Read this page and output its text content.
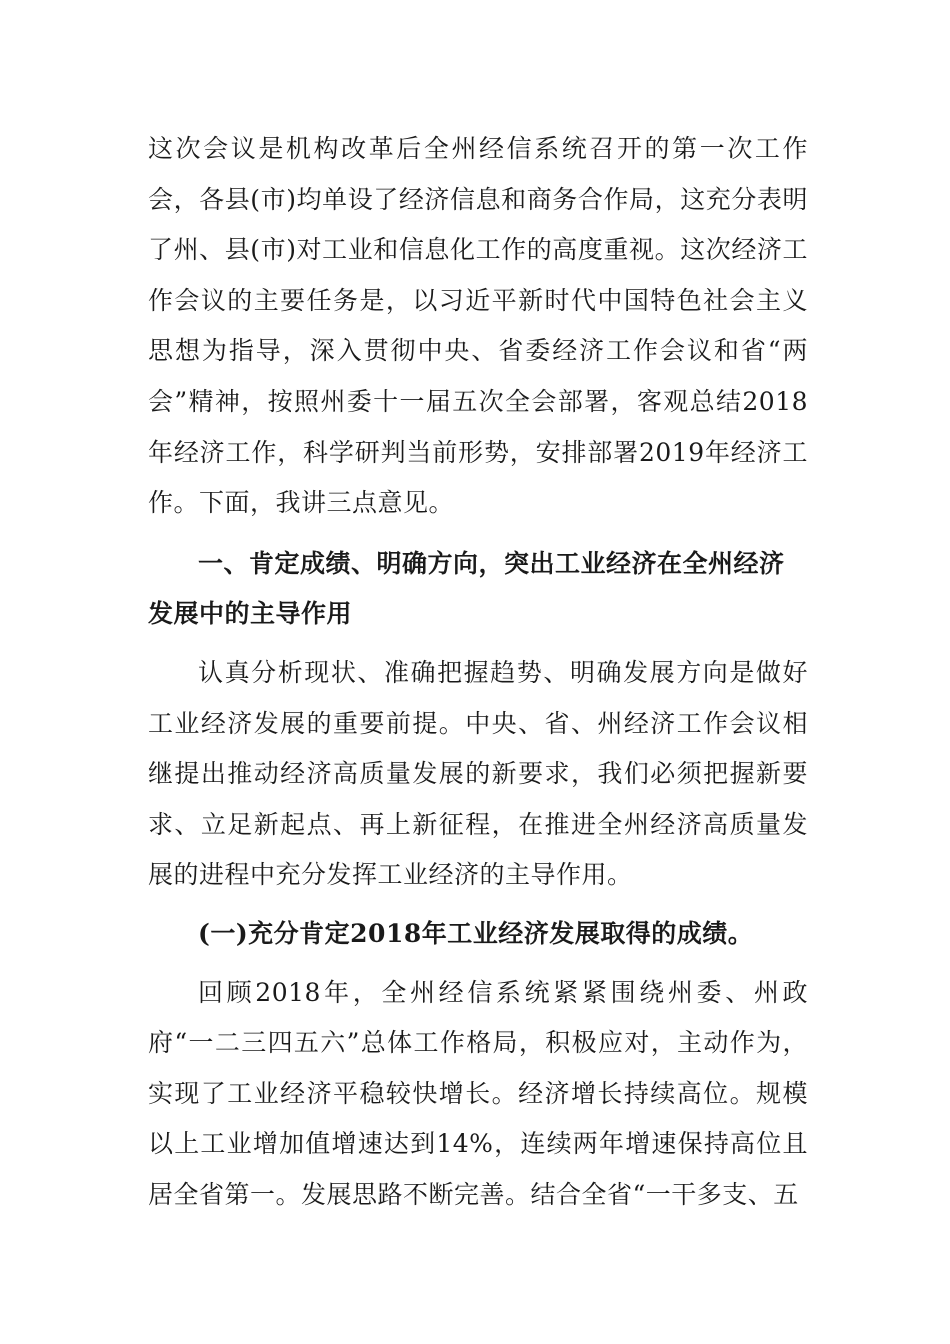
这次会议是机构改革后全州经信系统召开的第一次工作会，各县(市)均单设了经济信息和商务合作局，这充分表明了州、县(市)对工业和信息化工作的高度重视。这次经济工作会议的主要任务是，以习近平新时代中国特色社会主义思想为指导，深入贯彻中央、省委经济工作会议和省“两会”精神，按照州委十一届五次全会部署，客观总结2018年经济工作，科学研判当前形势，安排部署2019年经济工作。下面，我讲三点意见。

一、肯定成绩、明确方向，突出工业经济在全州经济发展中的主导作用

认真分析现状、准确把握趋势、明确发展方向是做好工业经济发展的重要前提。中央、省、州经济工作会议相继提出推动经济高质量发展的新要求，我们必须把握新要求、立足新起点、再上新征程，在推进全州经济高质量发展的进程中充分发挥工业经济的主导作用。

(一)充分肯定2018年工业经济发展取得的成绩。

回顾2018年，全州经信系统紧紧围绕州委、州政府“一二三四五六”总体工作格局，积极应对，主动作为，实现了工业经济平稳较快增长。经济增长持续高位。规模以上工业增加值增速达到14%，连续两年增速保持高位且居全省第一。发展思路不断完善。结合全省“一干多支、五
